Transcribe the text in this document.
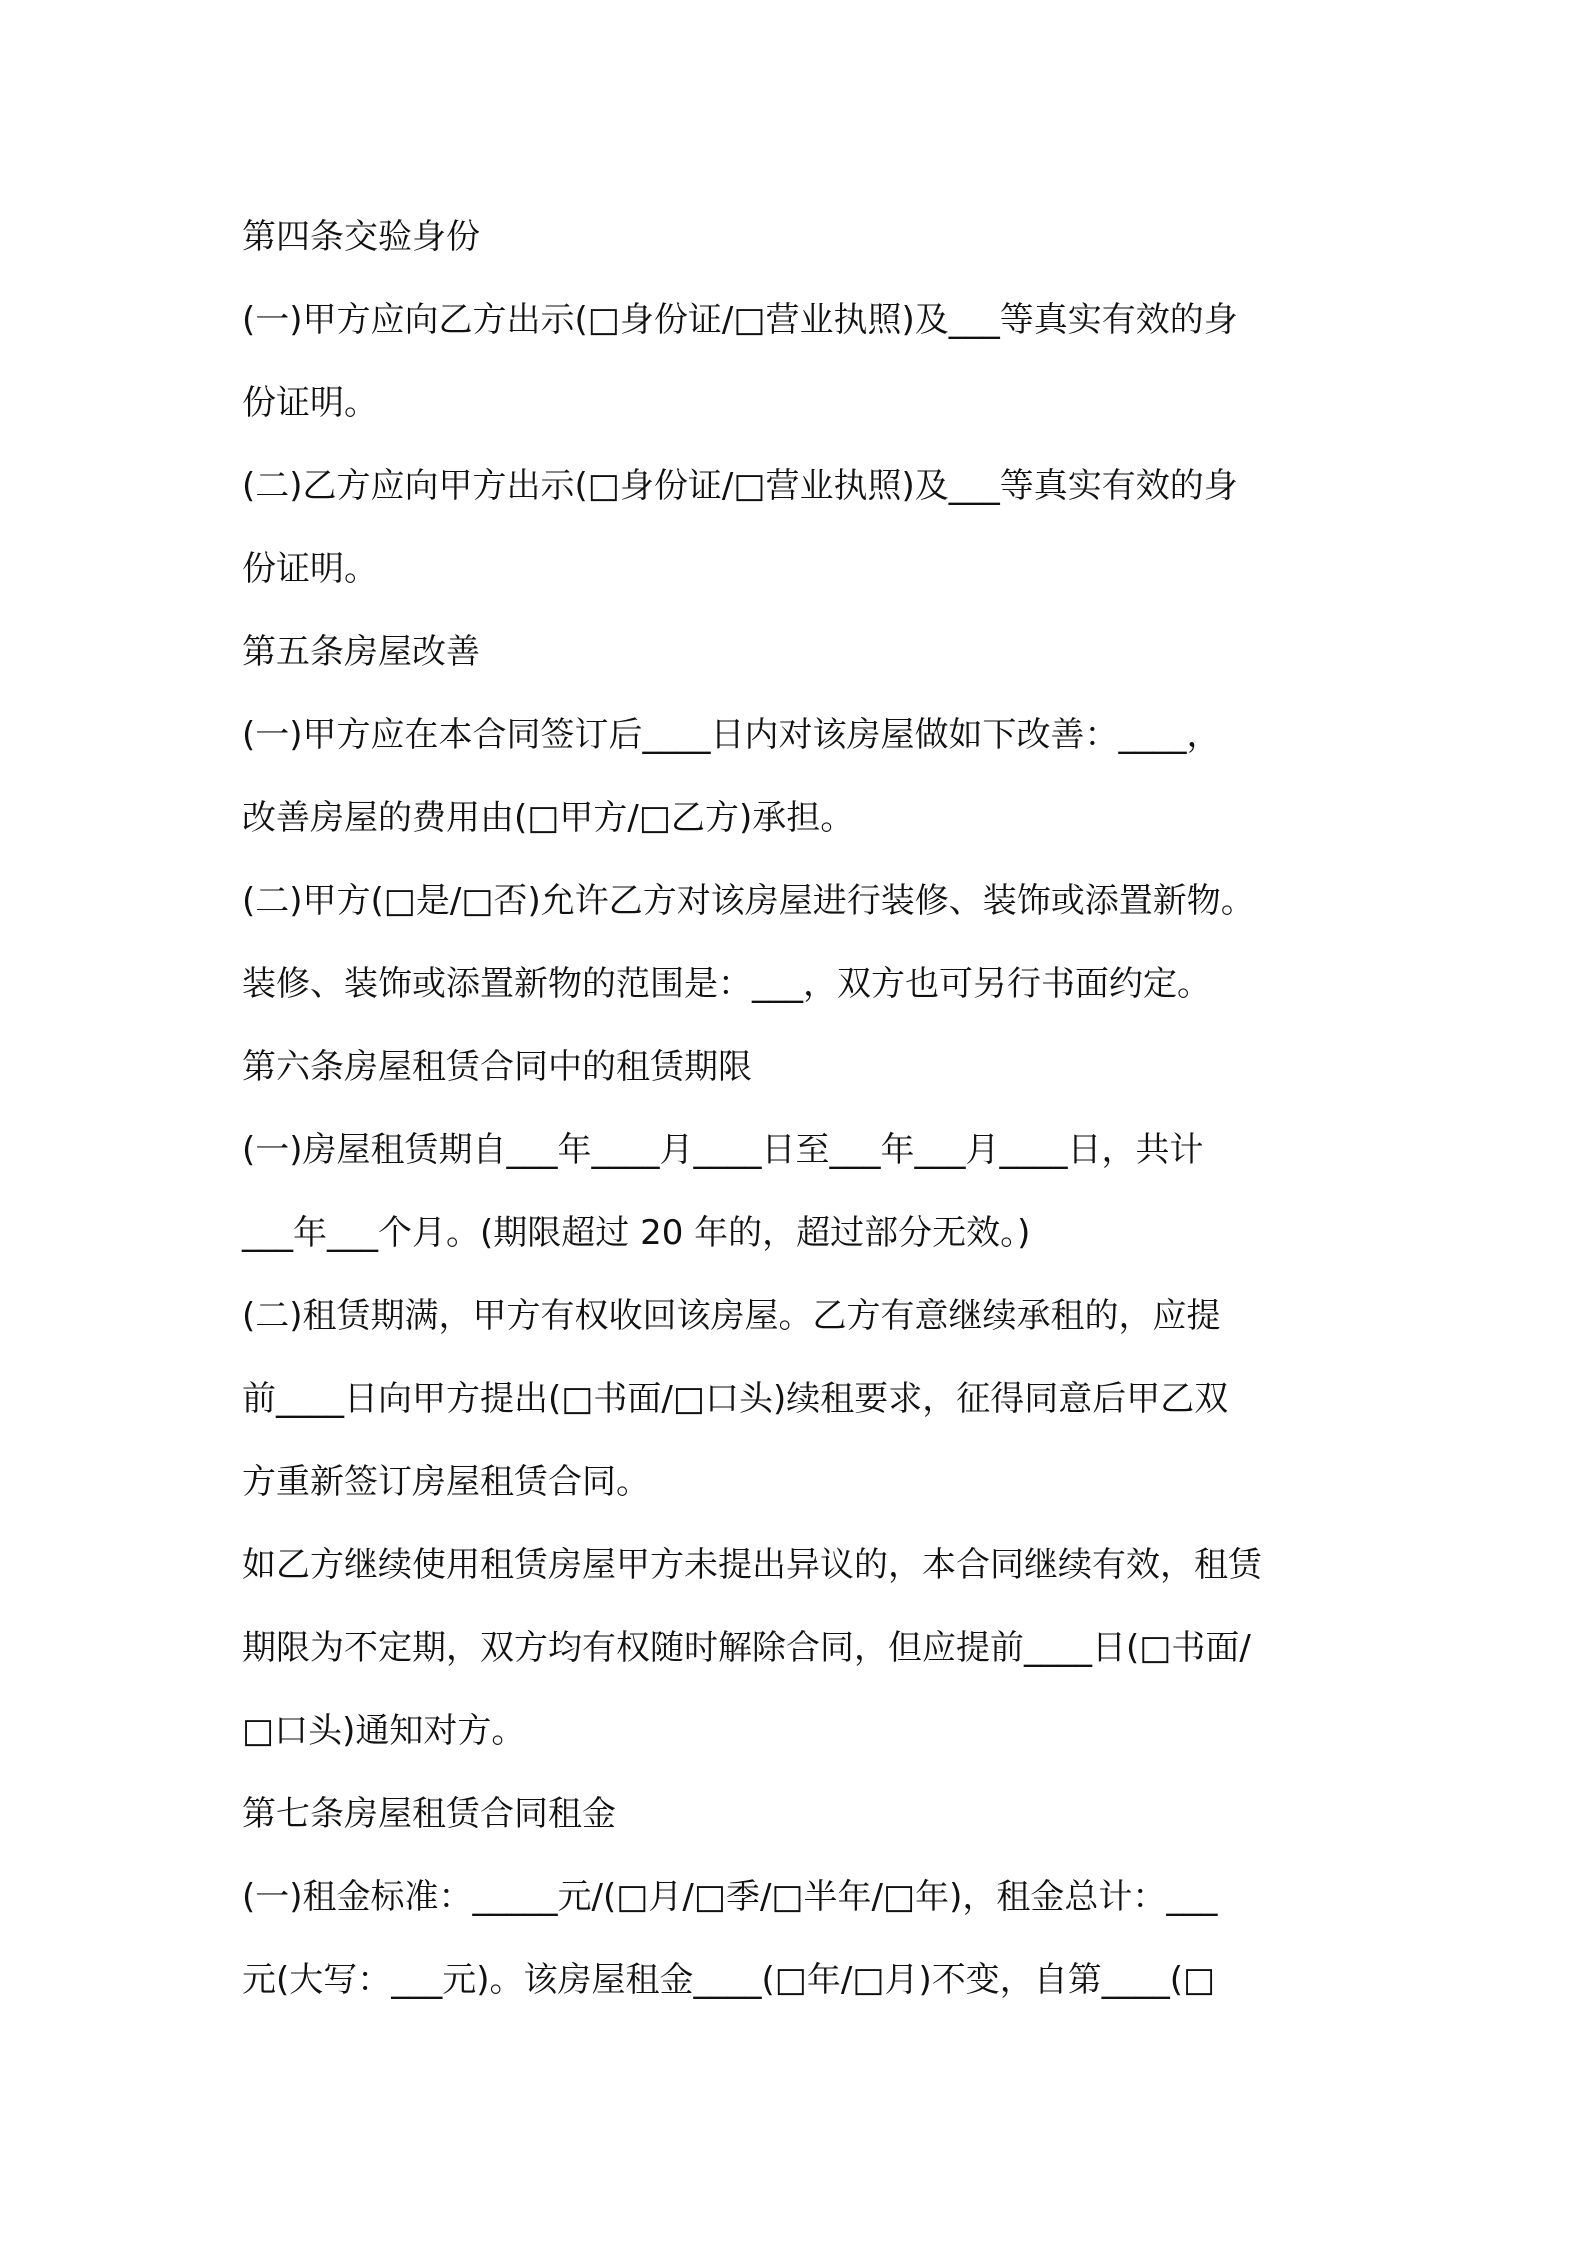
第四条交验身份
(一)甲方应向乙方出示(□身份证/□营业执照)及___等真实有效的身
份证明。
(二)乙方应向甲方出示(□身份证/□营业执照)及___等真实有效的身
份证明。
第五条房屋改善
(一)甲方应在本合同签订后____日内对该房屋做如下改善：____，
改善房屋的费用由(□甲方/□乙方)承担。
(二)甲方(□是/□否)允许乙方对该房屋进行装修、装饰或添置新物。
装修、装饰或添置新物的范围是：___，双方也可另行书面约定。
第六条房屋租赁合同中的租赁期限
(一)房屋租赁期自___年____月____日至___年___月____日，共计
___年___个月。(期限超过 20 年的，超过部分无效。)
(二)租赁期满，甲方有权收回该房屋。乙方有意继续承租的，应提
前____日向甲方提出(□书面/□口头)续租要求，征得同意后甲乙双
方重新签订房屋租赁合同。
如乙方继续使用租赁房屋甲方未提出异议的，本合同继续有效，租赁
期限为不定期，双方均有权随时解除合同，但应提前____日(□书面/
□口头)通知对方。
第七条房屋租赁合同租金
(一)租金标准：_____元/(□月/□季/□半年/□年)，租金总计：___
元(大写：___元)。该房屋租金____(□年/□月)不变，自第____(□
